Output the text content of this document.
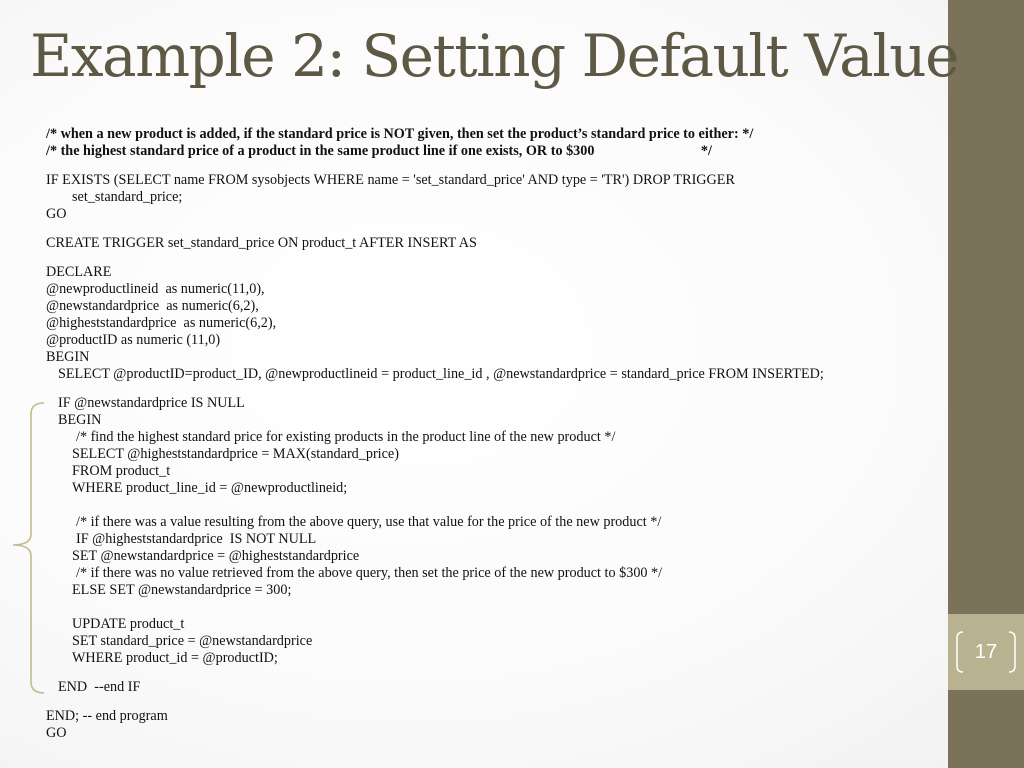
17
Example 2: Setting Default Value
/* when a new product is added, if the standard price is NOT given, then set the product’s standard price to either: */
/* the highest standard price of a product in the same product line if one exists, OR to $300                              */
IF EXISTS (SELECT name FROM sysobjects WHERE name = 'set_standard_price' AND type = 'TR') DROP TRIGGER
set_standard_price;
GO
CREATE TRIGGER set_standard_price ON product_t AFTER INSERT AS
DECLARE
@newproductlineid  as numeric(11,0),
@newstandardprice  as numeric(6,2),
@higheststandardprice  as numeric(6,2),
@productID as numeric (11,0)
BEGIN
SELECT @productID=product_ID, @newproductlineid = product_line_id , @newstandardprice = standard_price FROM INSERTED;
IF @newstandardprice IS NULL
BEGIN
/* find the highest standard price for existing products in the product line of the new product */
SELECT @higheststandardprice = MAX(standard_price)
FROM product_t
WHERE product_line_id = @newproductlineid;
/* if there was a value resulting from the above query, use that value for the price of the new product */
IF @higheststandardprice  IS NOT NULL
SET @newstandardprice = @higheststandardprice
/* if there was no value retrieved from the above query, then set the price of the new product to $300 */
ELSE SET @newstandardprice = 300;
UPDATE product_t
SET standard_price = @newstandardprice
WHERE product_id = @productID;
END  --end IF
END; -- end program
GO
